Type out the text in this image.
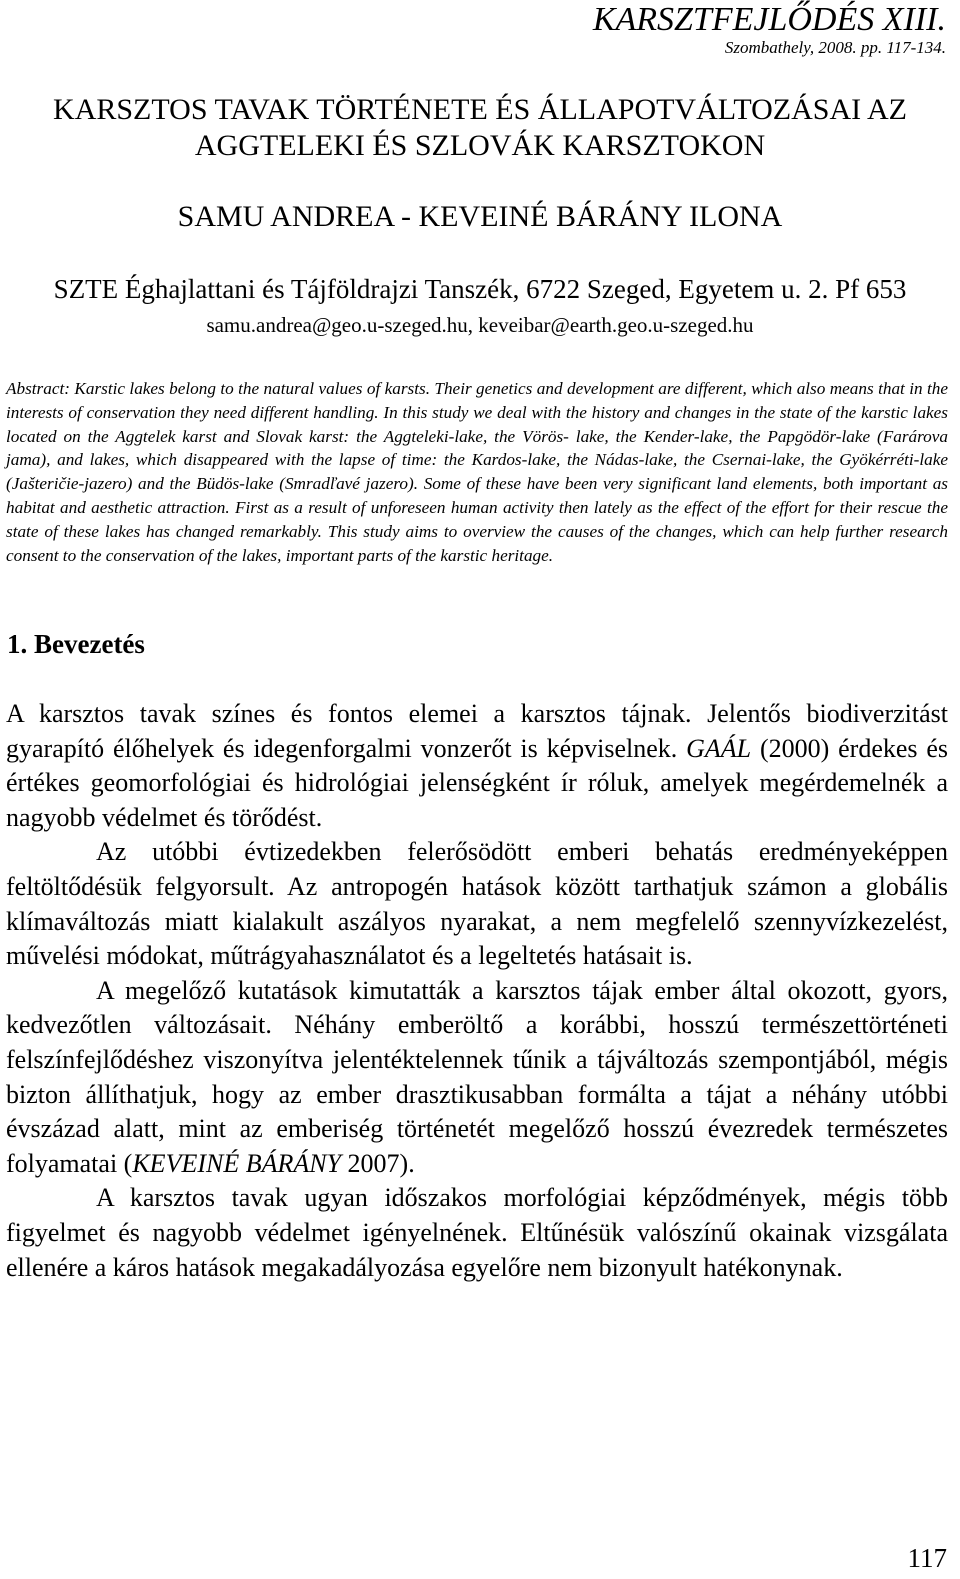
KARSZTFEJLŐDÉS XIII.
Szombathely, 2008. pp. 117-134.
KARSZTOS TAVAK TÖRTÉNETE ÉS ÁLLAPOTVÁLTOZÁSAI AZ
AGGTELEKI ÉS SZLOVÁK KARSZTOKON
SAMU ANDREA - KEVEINÉ BÁRÁNY ILONA
SZTE Éghajlattani és Tájföldrajzi Tanszék, 6722 Szeged, Egyetem u. 2. Pf 653 samu.andrea@geo.u-szeged.hu, keveibar@earth.geo.u-szeged.hu
Abstract: Karstic lakes belong to the natural values of karsts. Their genetics and development are different, which also means that in the interests of conservation they need different handling. In this study we deal with the history and changes in the state of the karstic lakes located on the Aggtelek karst and Slovak karst: the Aggteleki-lake, the Vörös- lake, the Kender-lake, the Papgödör-lake (Farárova jama), and lakes, which disappeared with the lapse of time: the Kardos-lake, the Nádas-lake, the Csernai-lake, the Gyökérréti-lake (Jašteričie-jazero) and the Büdös-lake (Smradľavé jazero). Some of these have been very significant land elements, both important as habitat and aesthetic attraction. First as a result of unforeseen human activity then lately as the effect of the effort for their rescue the state of these lakes has changed remarkably. This study aims to overview the causes of the changes, which can help further research consent to the conservation of the lakes, important parts of the karstic heritage.
1. Bevezetés

A karsztos tavak színes és fontos elemei a karsztos tájnak. Jelentős biodiverzitást gyarapító élőhelyek és idegenforgalmi vonzerőt is képviselnek. GAÁL (2000) érdekes és értékes geomorfológiai és hidrológiai jelenségként ír róluk, amelyek megérdemelnék a nagyobb védelmet és törődést.

Az utóbbi évtizedekben felerősödött emberi behatás eredményeképpen feltöltődésük felgyorsult. Az antropogén hatások között tarthatjuk számon a globális klímaváltozás miatt kialakult aszályos nyarakat, a nem megfelelő szennyvízkezelést, művelési módokat, műtrágyahasználatot és a legeltetés hatásait is.

A megelőző kutatások kimutatták a karsztos tájak ember által okozott, gyors, kedvezőtlen változásait. Néhány emberöltő a korábbi, hosszú természettörténeti felszínfejlődéshez viszonyítva jelentéktelennek tűnik a tájváltozás szempontjából, mégis bizton állíthatjuk, hogy az ember drasztikusabban formálta a tájat a néhány utóbbi évszázad alatt, mint az emberiség történetét megelőző hosszú évezredek természetes folyamatai (KEVEINÉ BÁRÁNY 2007).

A karsztos tavak ugyan időszakos morfológiai képződmények, mégis több figyelmet és nagyobb védelmet igényelnének. Eltűnésük valószínű okainak vizsgálata ellenére a káros hatások megakadályozása egyelőre nem bizonyult hatékonynak.

117
